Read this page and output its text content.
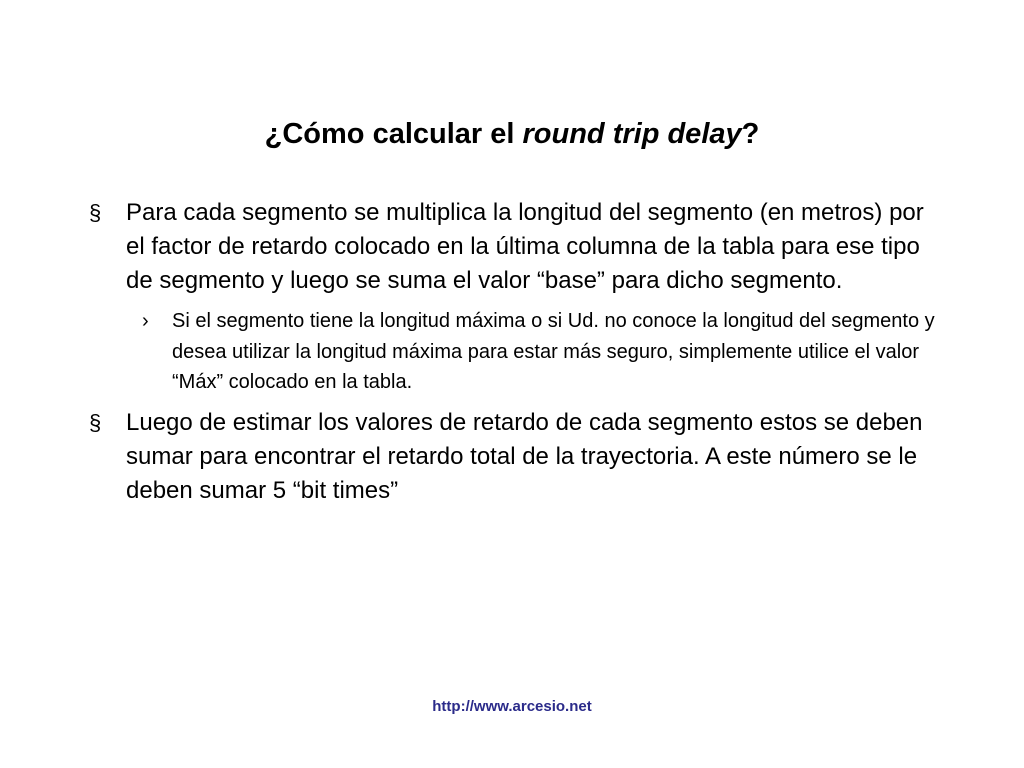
¿Cómo calcular el round trip delay?
§ Para cada segmento se multiplica la longitud del segmento (en metros) por el factor de retardo colocado en la última columna de la tabla para ese tipo de segmento y luego se suma el valor “base” para dicho segmento.
› Si el segmento tiene la longitud máxima o si Ud. no conoce la longitud del segmento y desea utilizar la longitud máxima para estar más seguro, simplemente utilice el valor “Máx” colocado en la tabla.
§ Luego de estimar los valores de retardo de cada segmento estos se deben sumar para encontrar el retardo total de la trayectoria. A este número se le deben sumar 5 “bit times”
http://www.arcesio.net
